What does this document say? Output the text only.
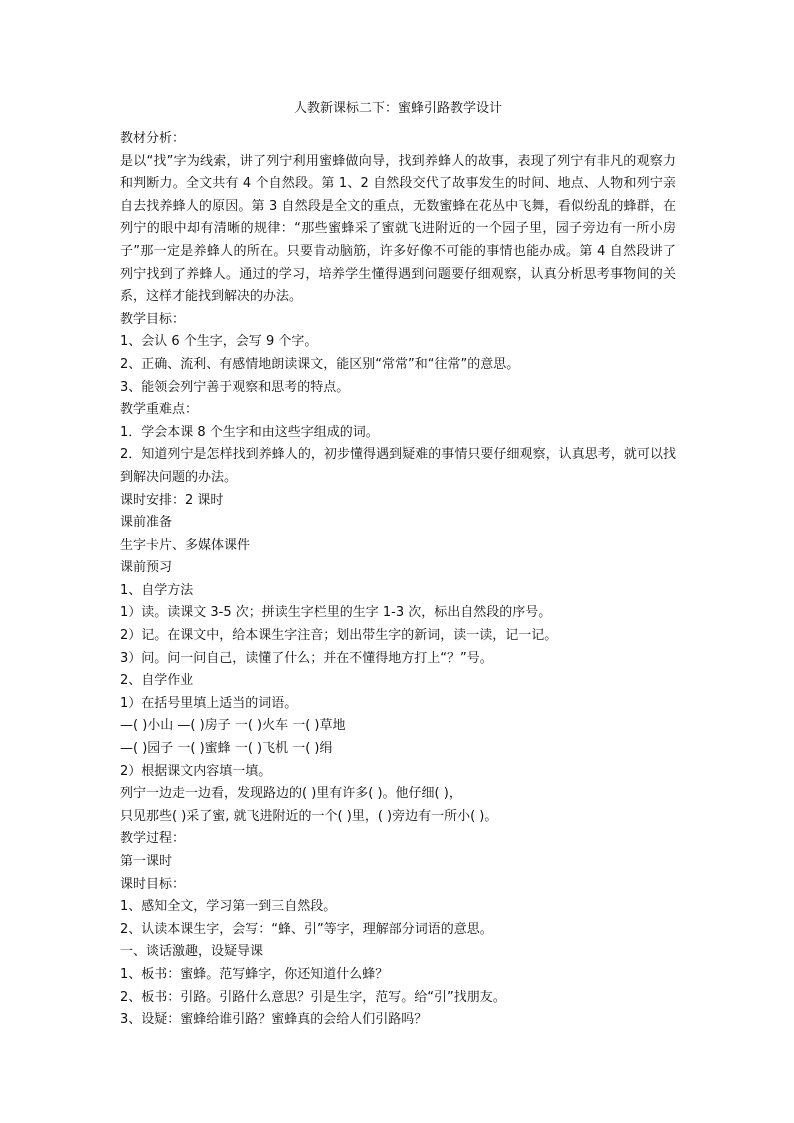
人教新课标二下：蜜蜂引路教学设计

教材分析：

是以“找”字为线索，讲了列宁利用蜜蜂做向导，找到养蜂人的故事，表现了列宁有非凡的观察力和判断力。全文共有 4 个自然段。第 1、2 自然段交代了故事发生的时间、地点、人物和列宁亲自去找养蜂人的原因。第 3 自然段是全文的重点，无数蜜蜂在花丛中飞舞，看似纷乱的蜂群，在列宁的眼中却有清晰的规律：“那些蜜蜂采了蜜就飞进附近的一个园子里，园子旁边有一所小房子”那一定是养蜂人的所在。只要肯动脑筋，许多好像不可能的事情也能办成。第 4 自然段讲了列宁找到了养蜂人。通过的学习，培养学生懂得遇到问题要仔细观察，认真分析思考事物间的关系，这样才能找到解决的办法。

教学目标：

1、会认 6 个生字，会写 9 个字。

2、正确、流利、有感情地朗读课文，能区别“常常”和“往常”的意思。

3、能领会列宁善于观察和思考的特点。

教学重难点：

1．学会本课 8 个生字和由这些字组成的词。

2．知道列宁是怎样找到养蜂人的，初步懂得遇到疑难的事情只要仔细观察，认真思考，就可以找到解决问题的办法。

课时安排：2 课时

课前准备

生字卡片、多媒体课件

课前预习

1、自学方法

1）读。读课文 3-5 次；拼读生字栏里的生字 1-3 次，标出自然段的序号。

2）记。在课文中，给本课生字注音；划出带生字的新词，读一读，记一记。

3）问。问一问自己，读懂了什么；并在不懂得地方打上“？”号。

2、自学作业

1）在括号里填上适当的词语。

—( )小山 —( )房子 一( )火车 一( )草地

—( )园子 一( )蜜蜂 一( )飞机 一( )绢

2）根据课文内容填一填。

列宁一边走一边看，发现路边的( )里有许多( )。他仔细( )，

只见那些( )采了蜜, 就飞进附近的一个( )里，( )旁边有一所小( )。

教学过程：

第一课时

课时目标：

1、感知全文，学习第一到三自然段。

2、认读本课生字，会写：“蜂、引”等字，理解部分词语的意思。

一、谈话激趣，设疑导课

1、板书：蜜蜂。范写蜂字，你还知道什么蜂？

2、板书：引路。引路什么意思？引是生字，范写。给“引”找朋友。

3、设疑：蜜蜂给谁引路？蜜蜂真的会给人们引路吗？
